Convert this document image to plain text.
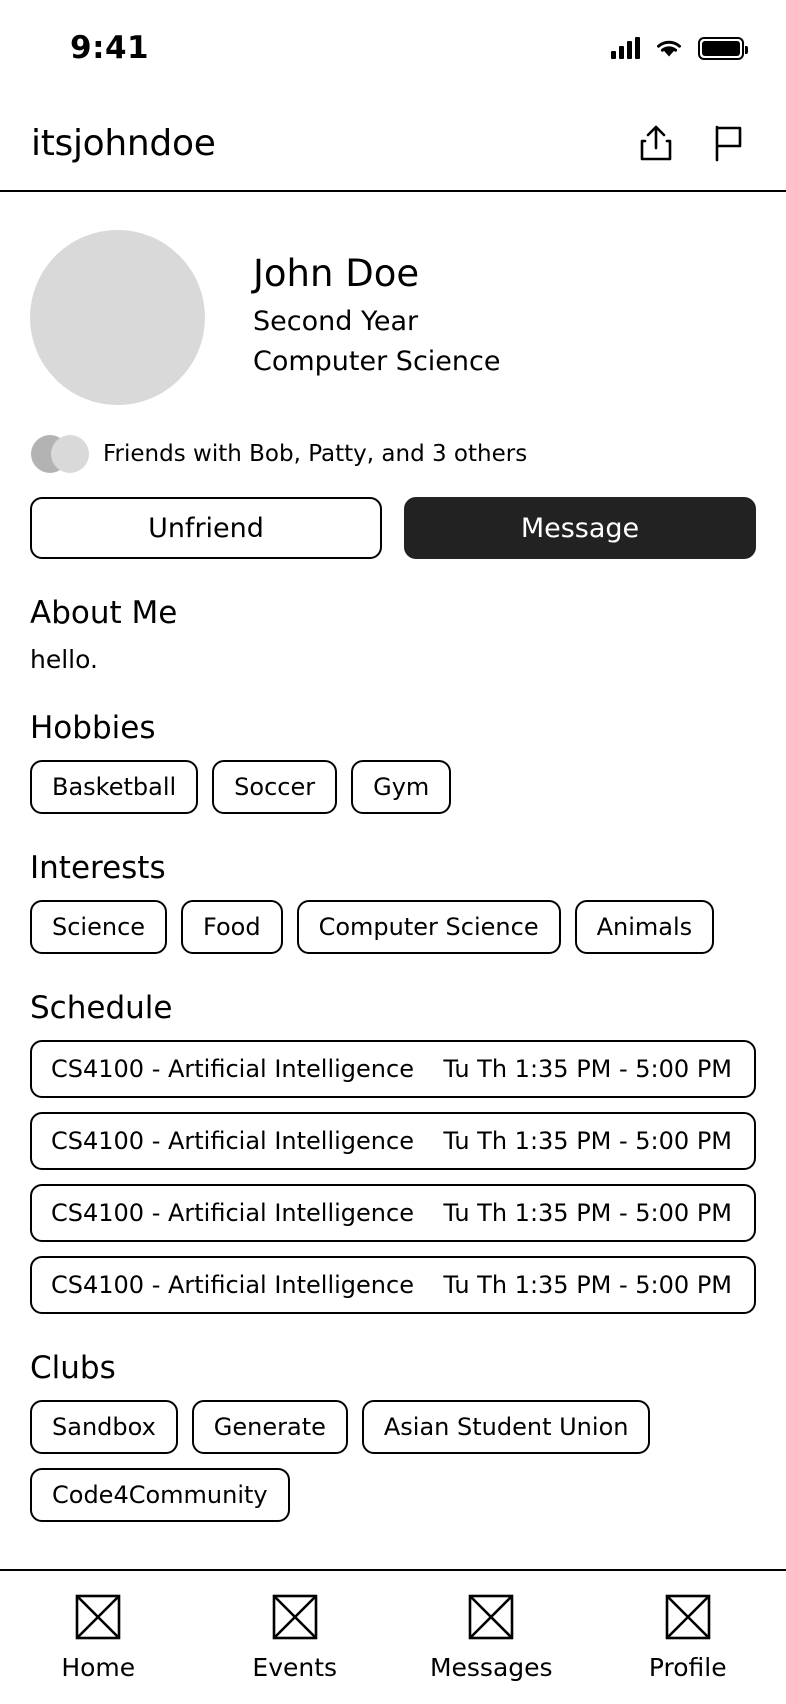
9:41
itsjohndoe
John Doe
Second Year
Computer Science
Friends with Bob, Patty, and 3 others
Unfriend	Message
About Me
hello.
Hobbies
Basketball	Soccer	Gym
Interests
Science	Food	Computer Science	Animals
Schedule
CS4100 - Artificial Intelligence Tu Th 1:35 PM - 5:00 PM
CS4100 - Artificial Intelligence Tu Th 1:35 PM - 5:00 PM
CS4100 - Artificial Intelligence Tu Th 1:35 PM - 5:00 PM
CS4100 - Artificial Intelligence Tu Th 1:35 PM - 5:00 PM
Clubs
Sandbox	Generate	Asian Student Union
Code4Community
Home	Events	Messages	Profile
